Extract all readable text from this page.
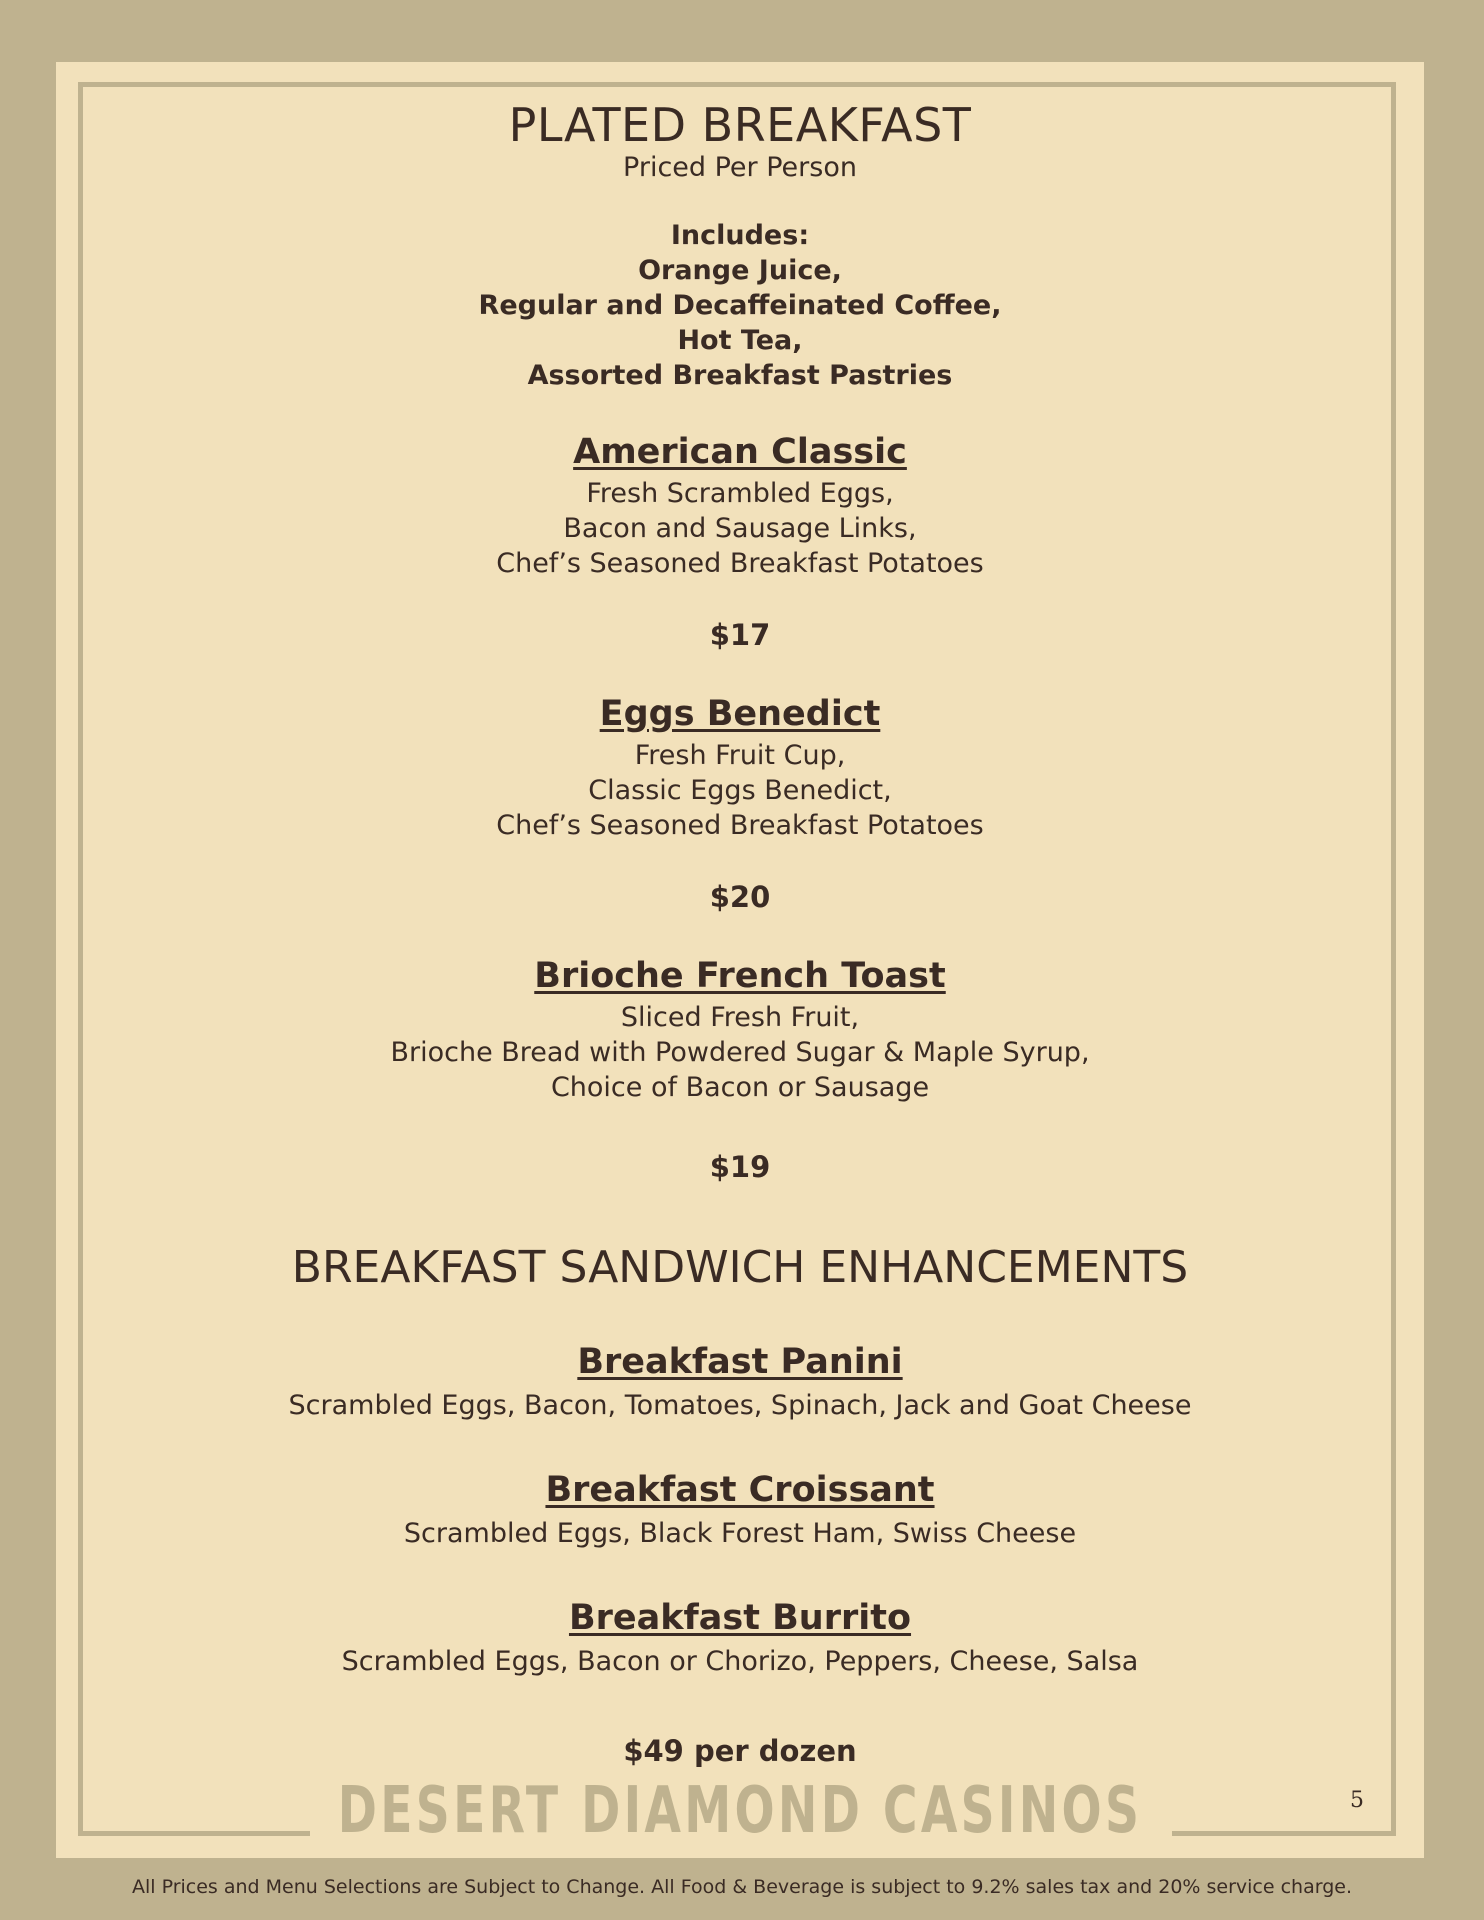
PLATED BREAKFAST
Priced Per Person
Includes:
Orange Juice,
Regular and Decaffeinated Coffee,
Hot Tea,
Assorted Breakfast Pastries
American Classic
Fresh Scrambled Eggs,
Bacon and Sausage Links,
Chef’s Seasoned Breakfast Potatoes
$17
Eggs Benedict
Fresh Fruit Cup,
Classic Eggs Benedict,
Chef’s Seasoned Breakfast Potatoes
$20
Brioche French Toast
Sliced Fresh Fruit,
Brioche Bread with Powdered Sugar & Maple Syrup,
Choice of Bacon or Sausage
$19
BREAKFAST SANDWICH ENHANCEMENTS
Breakfast Panini
Scrambled Eggs, Bacon, Tomatoes, Spinach, Jack and Goat Cheese
Breakfast Croissant
Scrambled Eggs, Black Forest Ham, Swiss Cheese
Breakfast Burrito
Scrambled Eggs, Bacon or Chorizo, Peppers, Cheese, Salsa
$49 per dozen
DESERT DIAMOND CASINOS	5
All Prices and Menu Selections are Subject to Change. All Food & Beverage is subject to 9.2% sales tax and 20% service charge.
